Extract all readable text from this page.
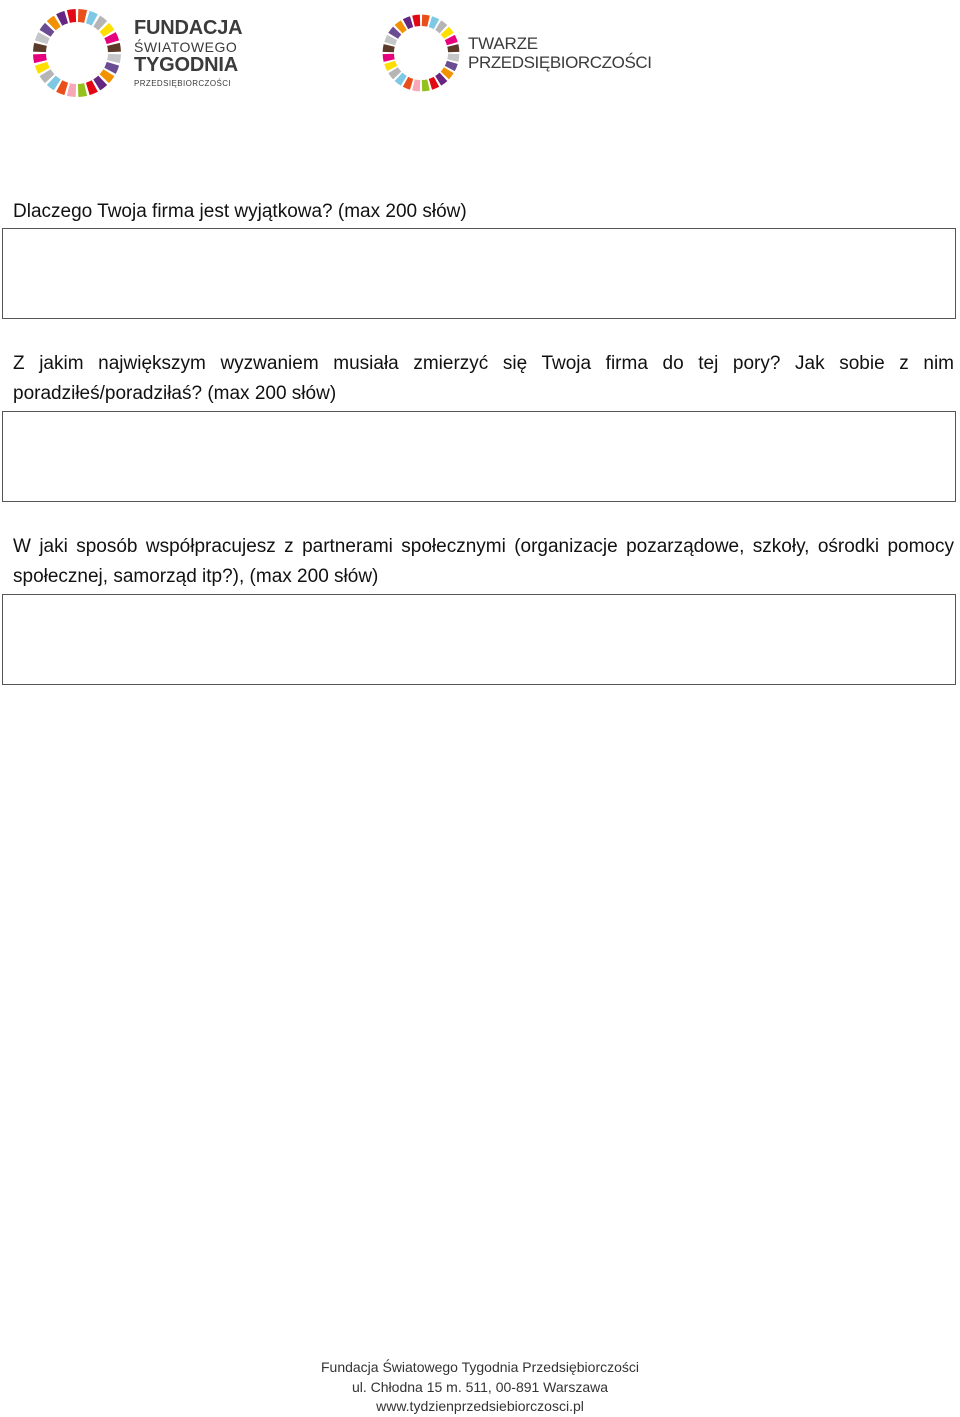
FUNDACJA
ŚWIATOWEGO
TYGODNIA
PRZEDSIĘBIORCZOŚCI
TWARZE
PRZEDSIĘBIORCZOŚCI
Dlaczego Twoja firma jest wyjątkowa? (max 200 słów)
Z jakim największym wyzwaniem musiała zmierzyć się Twoja firma do tej pory? Jak sobie z nim poradziłeś/poradziłaś? (max 200 słów)
W jaki sposób współpracujesz z partnerami społecznymi (organizacje pozarządowe, szkoły, ośrodki pomocy społecznej, samorząd itp?), (max 200 słów)
Fundacja Światowego Tygodnia Przedsiębiorczości
ul. Chłodna 15 m. 511, 00-891 Warszawa
www.tydzienprzedsiebiorczosci.pl
